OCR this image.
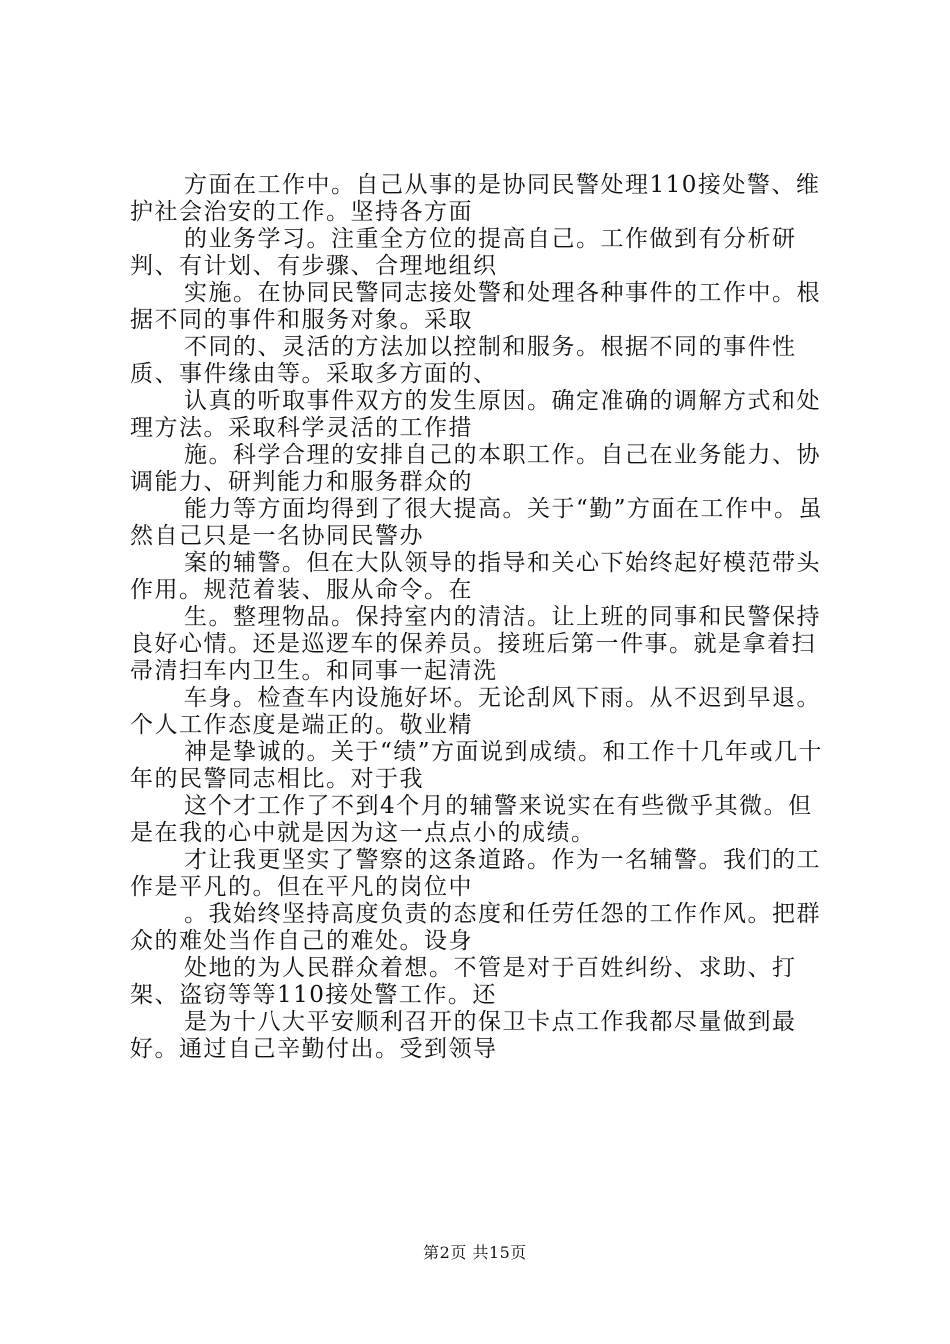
方面在工作中。自己从事的是协同民警处理110接处警、维护社会治安的工作。坚持各方面

的业务学习。注重全方位的提高自己。工作做到有分析研判、有计划、有步骤、合理地组织

实施。在协同民警同志接处警和处理各种事件的工作中。根据不同的事件和服务对象。采取

不同的、灵活的方法加以控制和服务。根据不同的事件性质、事件缘由等。采取多方面的、

认真的听取事件双方的发生原因。确定准确的调解方式和处理方法。采取科学灵活的工作措

施。科学合理的安排自己的本职工作。自己在业务能力、协调能力、研判能力和服务群众的

能力等方面均得到了很大提高。关于“勤”方面在工作中。虽然自己只是一名协同民警办

案的辅警。但在大队领导的指导和关心下始终起好模范带头作用。规范着装、服从命令。在

生。整理物品。保持室内的清洁。让上班的同事和民警保持良好心情。还是巡逻车的保养员。接班后第一件事。就是拿着扫帚清扫车内卫生。和同事一起清洗

车身。检查车内设施好坏。无论刮风下雨。从不迟到早退。个人工作态度是端正的。敬业精

神是挚诚的。关于“绩”方面说到成绩。和工作十几年或几十年的民警同志相比。对于我

这个才工作了不到4个月的辅警来说实在有些微乎其微。但是在我的心中就是因为这一点点小的成绩。

才让我更坚实了警察的这条道路。作为一名辅警。我们的工作是平凡的。但在平凡的岗位中

。我始终坚持高度负责的态度和任劳任怨的工作作风。把群众的难处当作自己的难处。设身

处地的为人民群众着想。不管是对于百姓纠纷、求助、打架、盗窃等等110接处警工作。还

是为十八大平安顺利召开的保卫卡点工作我都尽量做到最好。通过自己辛勤付出。受到领导

第2页 共15页
